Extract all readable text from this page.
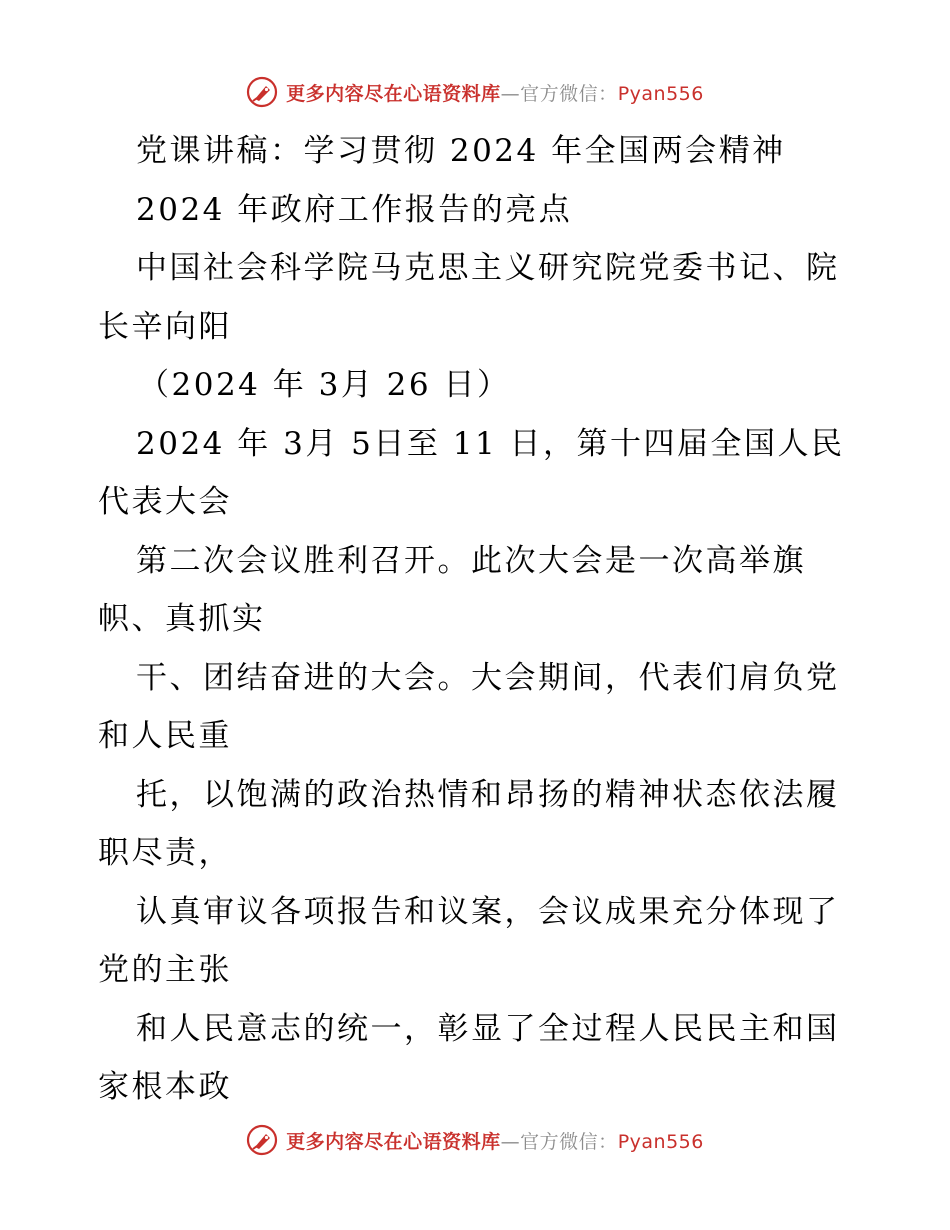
更多内容尽在心语资料库—官方微信：Pyan556
党课讲稿：学习贯彻 2024 年全国两会精神
2024 年政府工作报告的亮点
中国社会科学院马克思主义研究院党委书记、院
长辛向阳
（2024 年 3月 26 日）
2024 年 3月 5日至 11 日，第十四届全国人民
代表大会
第二次会议胜利召开。此次大会是一次高举旗
帜、真抓实
干、团结奋进的大会。大会期间，代表们肩负党
和人民重
托，以饱满的政治热情和昂扬的精神状态依法履
职尽责，
认真审议各项报告和议案，会议成果充分体现了
党的主张
和人民意志的统一，彰显了全过程人民民主和国
家根本政
更多内容尽在心语资料库—官方微信：Pyan556
